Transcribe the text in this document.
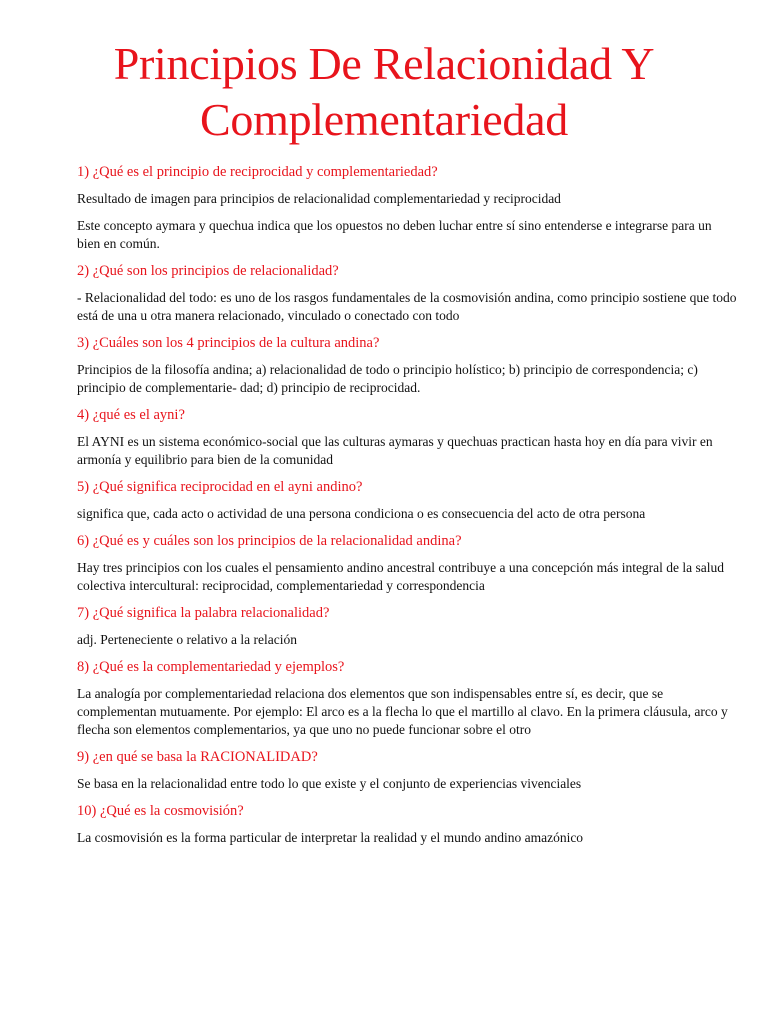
Principios De Relacionidad Y Complementariedad

1) ¿Qué es el principio de reciprocidad y complementariedad?

Resultado de imagen para principios de relacionalidad complementariedad y reciprocidad

Este concepto aymara y quechua indica que los opuestos no deben luchar entre sí sino entenderse e integrarse para un bien en común.

2) ¿Qué son los principios de relacionalidad?

- Relacionalidad del todo: es uno de los rasgos fundamentales de la cosmovisión andina, como principio sostiene que todo está de una u otra manera relacionado, vinculado o conectado con todo

3) ¿Cuáles son los 4 principios de la cultura andina?

Principios de la filosofía andina; a) relacionalidad de todo o principio holístico; b) principio de correspondencia; c) principio de complementarie- dad; d) principio de reciprocidad.

4) ¿qué es el ayni?

El AYNI es un sistema económico-social que las culturas aymaras y quechuas practican hasta hoy en día para vivir en armonía y equilibrio para bien de la comunidad

5) ¿Qué significa reciprocidad en el ayni andino?

significa que, cada acto o actividad de una persona condiciona o es consecuencia del acto de otra persona

6) ¿Qué es y cuáles son los principios de la relacionalidad andina?

Hay tres principios con los cuales el pensamiento andino ancestral contribuye a una concepción más integral de la salud colectiva intercultural: reciprocidad, complementariedad y correspondencia

7) ¿Qué significa la palabra relacionalidad?

adj. Perteneciente o relativo a la relación

8) ¿Qué es la complementariedad y ejemplos?

La analogía por complementariedad relaciona dos elementos que son indispensables entre sí, es decir, que se complementan mutuamente. Por ejemplo: El arco es a la flecha lo que el martillo al clavo. En la primera cláusula, arco y flecha son elementos complementarios, ya que uno no puede funcionar sobre el otro

9) ¿en qué se basa la RACIONALIDAD?

Se basa en la relacionalidad entre todo lo que existe y el conjunto de experiencias vivenciales

10) ¿Qué es la cosmovisión?

La cosmovisión es la forma particular de interpretar la realidad y el mundo andino amazónico
